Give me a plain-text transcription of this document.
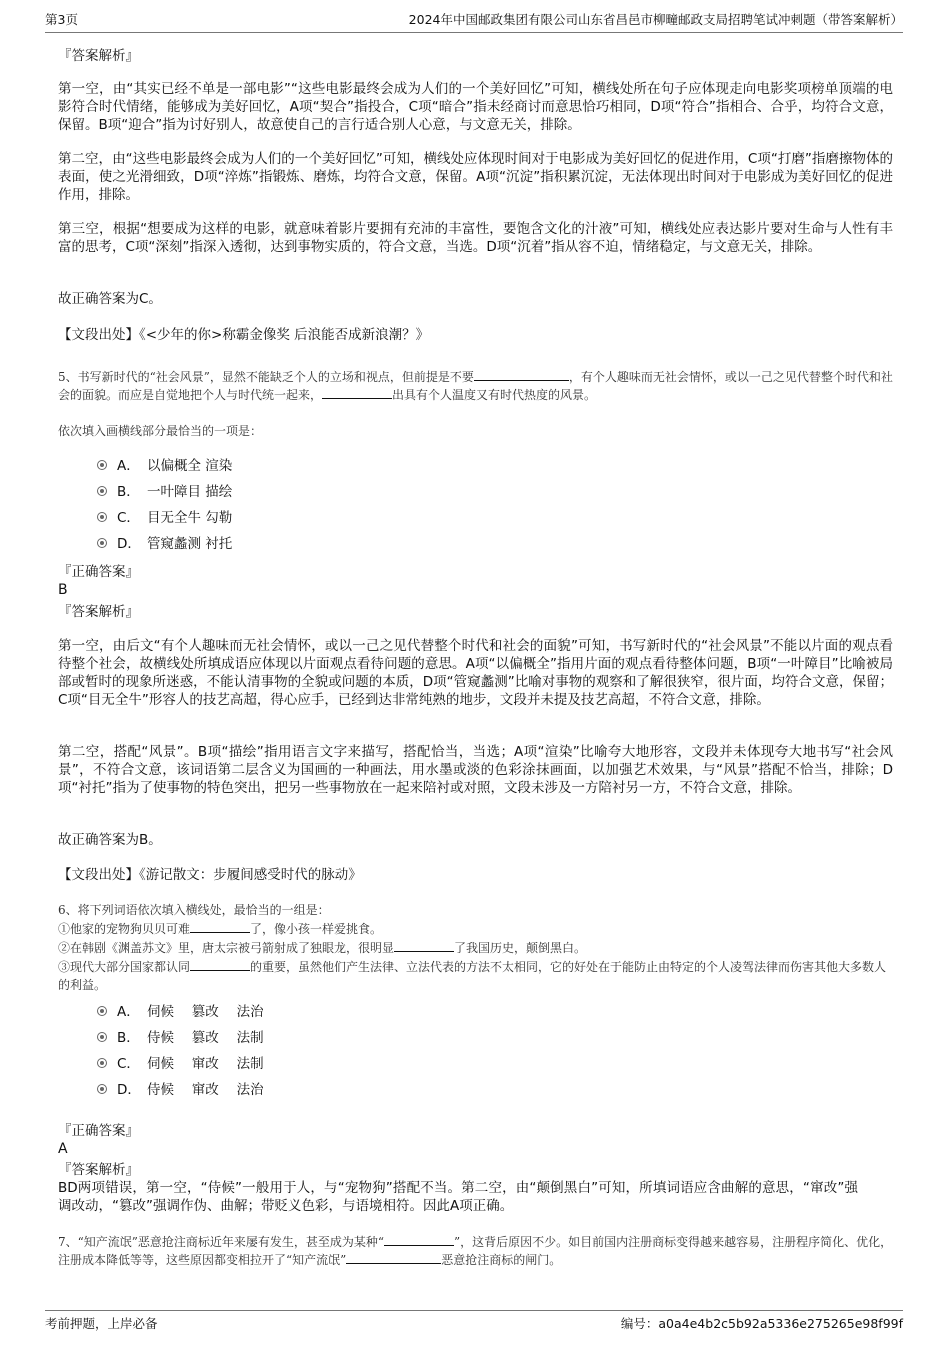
第3页	2024年中国邮政集团有限公司山东省昌邑市柳疃邮政支局招聘笔试冲刺题（带答案解析）
『答案解析』
第一空，由“其实已经不单是一部电影”“这些电影最终会成为人们的一个美好回忆”可知，横线处所在句子应体现走向电影奖项榜单顶端的电影符合时代情绪，能够成为美好回忆，A项“契合”指投合，C项“暗合”指未经商讨而意思恰巧相同，D项“符合”指相合、合乎，均符合文意，保留。B项“迎合”指为讨好别人，故意使自己的言行适合别人心意，与文意无关，排除。
第二空，由“这些电影最终会成为人们的一个美好回忆”可知，横线处应体现时间对于电影成为美好回忆的促进作用，C项“打磨”指磨擦物体的表面，使之光滑细致，D项“淬炼”指锻炼、磨炼，均符合文意，保留。A项“沉淀”指积累沉淀，无法体现出时间对于电影成为美好回忆的促进作用，排除。
第三空，根据“想要成为这样的电影，就意味着影片要拥有充沛的丰富性，要饱含文化的汁液”可知，横线处应表达影片要对生命与人性有丰富的思考，C项“深刻”指深入透彻，达到事物实质的，符合文意，当选。D项“沉着”指从容不迫，情绪稳定，与文意无关，排除。
故正确答案为C。
【文段出处】《<少年的你>称霸金像奖 后浪能否成新浪潮？》
5、书写新时代的“社会风景”，显然不能缺乏个人的立场和视点，但前提是不要	，有个人趣味而无社会情怀，或以一己之见代替整个时代和社会的面貌。而应是自觉地把个人与时代统一起来，	出具有个人温度又有时代热度的风景。
依次填入画横线部分最恰当的一项是：
A． 以偏概全 渲染
B． 一叶障目 描绘
C． 目无全牛 勾勒
D． 管窥蠡测 衬托
『正确答案』
B
『答案解析』
第一空，由后文“有个人趣味而无社会情怀，或以一己之见代替整个时代和社会的面貌”可知，书写新时代的“社会风景”不能以片面的观点看待整个社会，故横线处所填成语应体现以片面观点看待问题的意思。A项“以偏概全”指用片面的观点看待整体问题，B项“一叶障目”比喻被局部或暂时的现象所迷惑，不能认清事物的全貌或问题的本质，D项“管窥蠡测”比喻对事物的观察和了解很狭窄，很片面，均符合文意，保留；C项“目无全牛”形容人的技艺高超，得心应手，已经到达非常纯熟的地步，文段并未提及技艺高超，不符合文意，排除。
第二空，搭配“风景”。B项“描绘”指用语言文字来描写，搭配恰当，当选；A项“渲染”比喻夸大地形容，文段并未体现夸大地书写“社会风景”，不符合文意，该词语第二层含义为国画的一种画法，用水墨或淡的色彩涂抹画面，以加强艺术效果，与“风景”搭配不恰当，排除；D项“衬托”指为了使事物的特色突出，把另一些事物放在一起来陪衬或对照，文段未涉及一方陪衬另一方，不符合文意，排除。
故正确答案为B。
【文段出处】《游记散文：步履间感受时代的脉动》
6、将下列词语依次填入横线处，最恰当的一组是：
①他家的宠物狗贝贝可难	了，像小孩一样爱挑食。
②在韩剧《渊盖苏文》里，唐太宗被弓箭射成了独眼龙，很明显	了我国历史，颠倒黑白。
③现代大部分国家都认同	的重要，虽然他们产生法律、立法代表的方法不太相同，它的好处在于能防止由特定的个人凌驾法律而伤害其他大多数人的利益。
A． 伺候　 篡改　 法治
B． 侍候　 篡改　 法制
C． 伺候　 窜改　 法制
D． 侍候　 窜改　 法治
『正确答案』
A
『答案解析』
BD两项错误，第一空，“侍候”一般用于人，与“宠物狗”搭配不当。第二空，由“颠倒黑白”可知，所填词语应含曲解的意思，“窜改”强调改动，“篡改”强调作伪、曲解；带贬义色彩，与语境相符。因此A项正确。
7、“知产流氓”恶意抢注商标近年来屡有发生，甚至成为某种“	”，这背后原因不少。如目前国内注册商标变得越来越容易，注册程序简化、优化，注册成本降低等等，这些原因都变相拉开了“知产流氓”	恶意抢注商标的闸门。
考前押题，上岸必备	编号：a0a4e4b2c5b92a5336e275265e98f99f
